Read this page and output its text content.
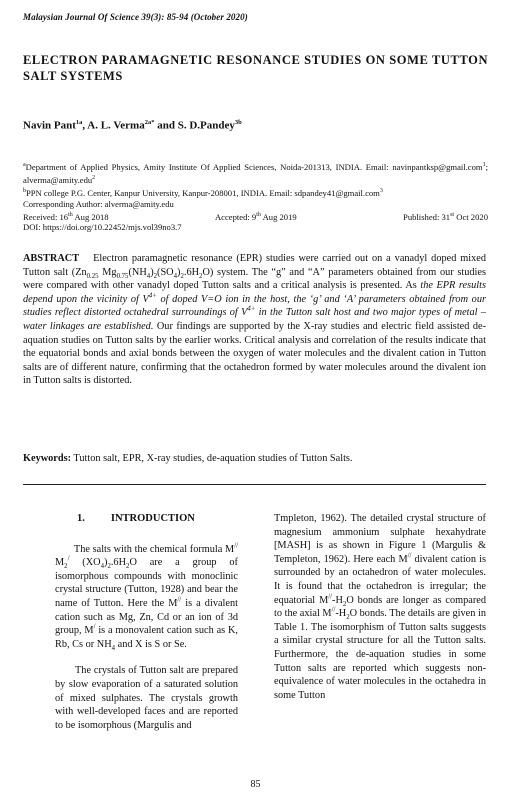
Malaysian Journal Of Science 39(3): 85-94 (October 2020)
ELECTRON PARAMAGNETIC RESONANCE STUDIES ON SOME TUTTON SALT SYSTEMS
Navin Pant$^{1a}$, A. L. Verma$^{2a*}$ and S. D.Pandey$^{3b}$
$^a$Department of Applied Physics, Amity Institute Of Applied Sciences, Noida-201313, INDIA. Email: navinpantksp@gmail.com$^1$; alverma@amity.edu$^2$
$^b$PPN college P.G. Center, Kanpur University, Kanpur-208001, INDIA. Email: sdpandey41@gmail.com$^3$
Corresponding Author: alverma@amity.edu
Received: 16th Aug 2018	Accepted: 9th Aug 2019	Published: 31st Oct 2020
DOI: https://doi.org/10.22452/mjs.vol39no3.7
ABSTRACT Electron paramagnetic resonance (EPR) studies were carried out on a vanadyl doped mixed Tutton salt ($Zn_{0.25}$ $Mg_{0.75}(NH_4)_2(SO_4)_2.6H_2O$) system. The “g” and “A” parameters obtained from our studies were compared with other vanadyl doped Tutton salts and a critical analysis is presented. As the EPR results depend upon the vicinity of $V^{4+}$ of doped V=O ion in the host, the ‘g’ and ‘A’ parameters obtained from our studies reflect distorted octahedral surroundings of $V^{4+}$ in the Tutton salt host and two major types of metal –water linkages are established. Our findings are supported by the X-ray studies and electric field assisted de-aquation studies on Tutton salts by the earlier works. Critical analysis and correlation of the results indicate that the equatorial bonds and axial bonds between the oxygen of water molecules and the divalent cation in Tutton salts are of different nature, confirming that the octahedron formed by water molecules around the divalent ion in Tutton salts is distorted.
Keywords: Tutton salt, EPR, X-ray studies, de-aquation studies of Tutton Salts.
1. INTRODUCTION

The salts with the chemical formula M// $M_2^/$ $(XO_4)_2.6H_2O$ are a group of isomorphous compounds with monoclinic crystal structure (Tutton, 1928) and bear the name of Tutton. Here the M// is a divalent cation such as Mg, Zn, Cd or an ion of 3d group, M/ is a monovalent cation such as K, Rb, Cs or $NH_4$ and X is S or Se.

The crystals of Tutton salt are prepared by slow evaporation of a saturated solution of mixed sulphates. The crystals growth with well-developed faces and are reported to be isomorphous (Margulis and

Tmpleton, 1962). The detailed crystal structure of magnesium ammonium sulphate hexahydrate [MASH] is as shown in Figure 1 (Margulis & Templeton, 1962). Here each M// divalent cation is surrounded by an octahedron of water molecules. It is found that the octahedron is irregular; the equatorial $M^{//}-H_2O$ bonds are longer as compared to the axial $M^{//}-H_2O$ bonds. The details are given in Table 1. The isomorphism of Tutton salts suggests a similar crystal structure for all the Tutton salts. Furthermore, the de-aquation studies in some Tutton salts are reported which suggests non-equivalence of water molecules in the octahedra in some Tutton

85
